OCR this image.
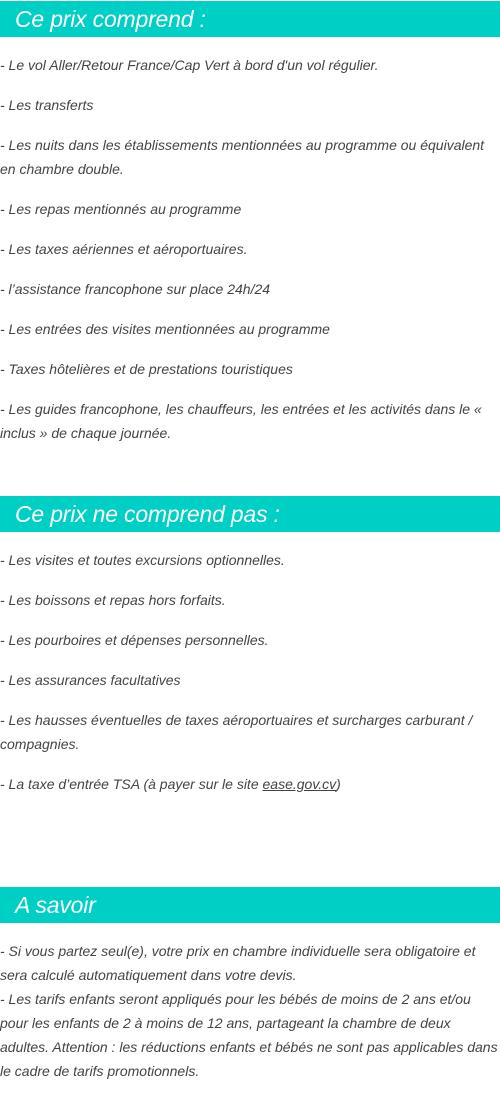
Ce prix comprend :
- Le vol Aller/Retour France/Cap Vert à bord d'un vol régulier.
- Les transferts
- Les nuits dans les établissements mentionnées au programme ou équivalent en chambre double.
- Les repas mentionnés au programme
- Les taxes aériennes et aéroportuaires.
- l’assistance francophone sur place 24h/24
- Les entrées des visites mentionnées au programme
- Taxes hôtelières et de prestations touristiques
- Les guides francophone, les chauffeurs, les entrées et les activités dans le « inclus » de chaque journée.
Ce prix ne comprend pas :
- Les visites et toutes excursions optionnelles.
- Les boissons et repas hors forfaits.
- Les pourboires et dépenses personnelles.
- Les assurances facultatives
- Les hausses éventuelles de taxes aéroportuaires et surcharges carburant / compagnies.
- La taxe d’entrée TSA (à payer sur le site ease.gov.cv)
A savoir
- Si vous partez seul(e), votre prix en chambre individuelle sera obligatoire et sera calculé automatiquement dans votre devis.
- Les tarifs enfants seront appliqués pour les bébés de moins de 2 ans et/ou pour les enfants de 2 à moins de 12 ans, partageant la chambre de deux adultes. Attention : les réductions enfants et bébés ne sont pas applicables dans le cadre de tarifs promotionnels.
